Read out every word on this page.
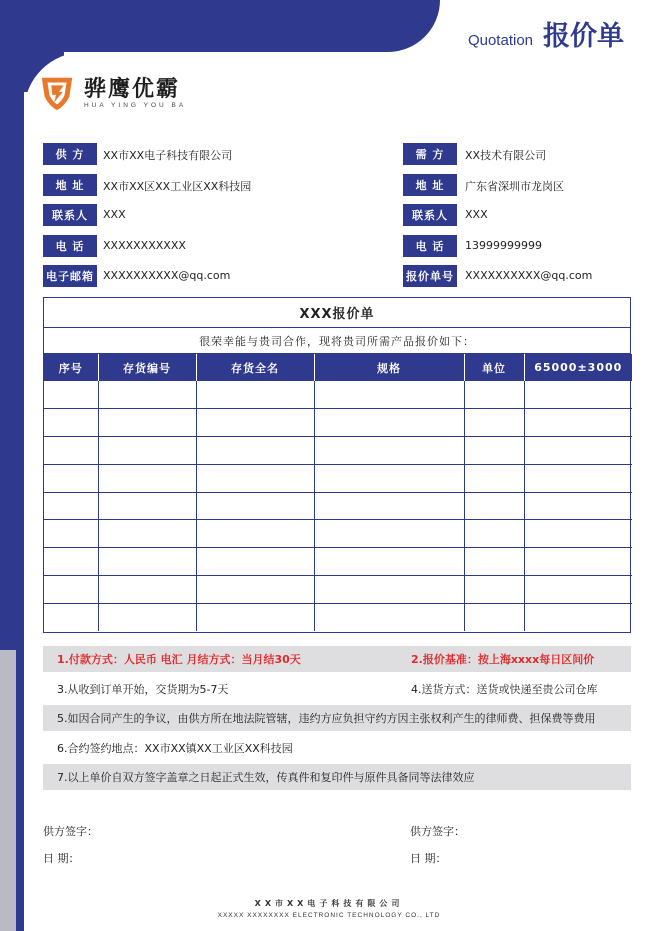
Quotation 报价单
骅鹰优霸
HUA YING YOU BA
供 方	XX市XX电子科技有限公司	需 方	XX技术有限公司
地 址	XX市XX区XX工业区XX科技园	地 址	广东省深圳市龙岗区
联系人	XXX	联系人	XXX
电 话	XXXXXXXXXXX	电 话	13999999999
电子邮箱 XXXXXXXXXX@qq.com	报价单号 XXXXXXXXXX@qq.com
XXX报价单
很荣幸能与贵司合作，现将贵司所需产品报价如下：
序号	存货编号	存货全名	规格	单位	65000±3000

1.付款方式：人民币 电汇 月结方式：当月结30天	2.报价基准：按上海xxxx每日区间价
3.从收到订单开始，交货期为5-7天	4.送货方式：送货或快递至贵公司仓库
5.如因合同产生的争议，由供方所在地法院管辖，违约方应负担守约方因主张权利产生的律师费、担保费等费用
6.合约签约地点：XX市XX镇XX工业区XX科技园
7.以上单价自双方签字盖章之日起正式生效，传真件和复印件与原件具备同等法律效应
供方签字：
日 期：
供方签字：
日 期：
XX市XX电子科技有限公司
XXXXX XXXXXXXX ELECTRONIC TECHNOLOGY CO., LTD
